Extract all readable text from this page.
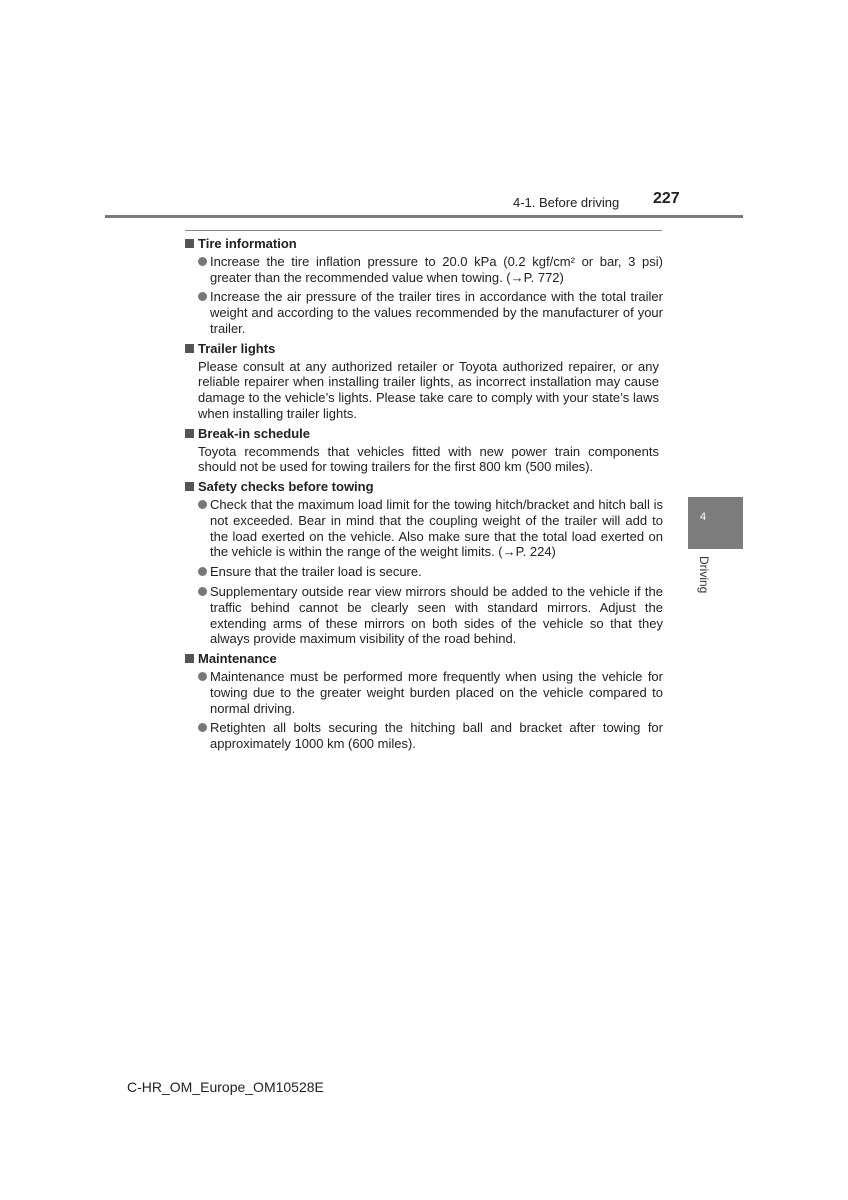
4-1. Before driving 227
Tire information
Increase the tire inflation pressure to 20.0 kPa (0.2 kgf/cm² or bar, 3 psi) greater than the recommended value when towing. (→P. 772)
Increase the air pressure of the trailer tires in accordance with the total trailer weight and according to the values recommended by the manufacturer of your trailer.
Trailer lights
Please consult at any authorized retailer or Toyota authorized repairer, or any reliable repairer when installing trailer lights, as incorrect installation may cause damage to the vehicle’s lights. Please take care to comply with your state’s laws when installing trailer lights.
Break-in schedule
Toyota recommends that vehicles fitted with new power train components should not be used for towing trailers for the first 800 km (500 miles).
Safety checks before towing
Check that the maximum load limit for the towing hitch/bracket and hitch ball is not exceeded. Bear in mind that the coupling weight of the trailer will add to the load exerted on the vehicle. Also make sure that the total load exerted on the vehicle is within the range of the weight limits. (→P. 224)
Ensure that the trailer load is secure.
Supplementary outside rear view mirrors should be added to the vehicle if the traffic behind cannot be clearly seen with standard mirrors. Adjust the extending arms of these mirrors on both sides of the vehicle so that they always provide maximum visibility of the road behind.
Maintenance
Maintenance must be performed more frequently when using the vehicle for towing due to the greater weight burden placed on the vehicle compared to normal driving.
Retighten all bolts securing the hitching ball and bracket after towing for approximately 1000 km (600 miles).
4
Driving
C-HR_OM_Europe_OM10528E
